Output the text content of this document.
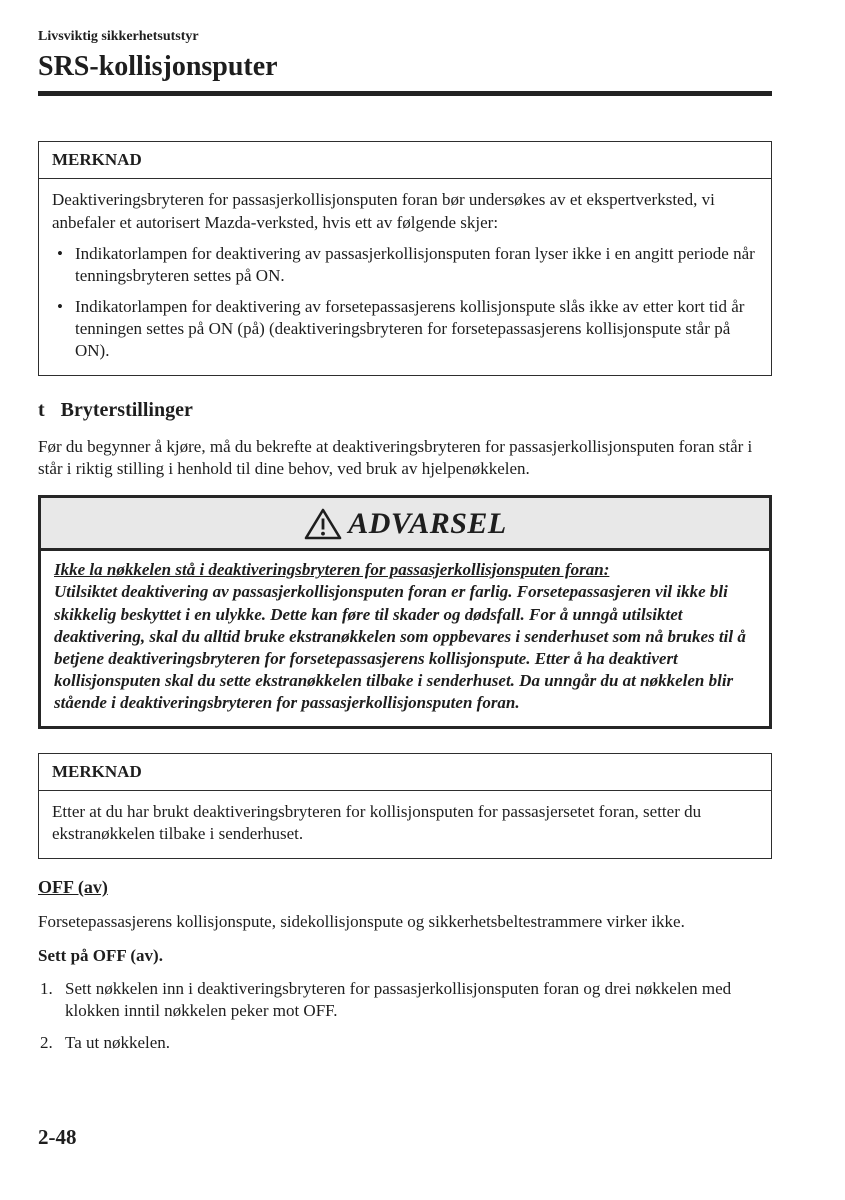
Livsviktig sikkerhetsutstyr
SRS-kollisjonsputer
MERKNAD

Deaktiveringsbryteren for passasjerkollisjonsputen foran bør undersøkes av et ekspertverksted, vi anbefaler et autorisert Mazda-verksted, hvis ett av følgende skjer:

• Indikatorlampen for deaktivering av passasjerkollisjonsputen foran lyser ikke i en angitt periode når tenningsbryteren settes på ON.
• Indikatorlampen for deaktivering av forsetepassasjerens kollisjonspute slås ikke av etter kort tid år tenningen settes på ON (på) (deaktiveringsbryteren for forsetepassasjerens kollisjonspute står på ON).
t Bryterstillinger

Før du begynner å kjøre, må du bekrefte at deaktiveringsbryteren for passasjerkollisjonsputen foran står i står i riktig stilling i henhold til dine behov, ved bruk av hjelpenøkkelen.

ADVARSEL
Ikke la nøkkelen stå i deaktiveringsbryteren for passasjerkollisjonsputen foran:
Utilsiktet deaktivering av passasjerkollisjonsputen foran er farlig. Forsetepassasjeren vil ikke bli skikkelig beskyttet i en ulykke. Dette kan føre til skader og dødsfall. For å unngå utilsiktet deaktivering, skal du alltid bruke ekstranøkkelen som oppbevares i senderhuset som nå brukes til å betjene deaktiveringsbryteren for forsetepassasjerens kollisjonspute. Etter å ha deaktivert kollisjonsputen skal du sette ekstranøkkelen tilbake i senderhuset. Da unngår du at nøkkelen blir stående i deaktiveringsbryteren for passasjerkollisjonsputen foran.
MERKNAD

Etter at du har brukt deaktiveringsbryteren for kollisjonsputen for passasjersetet foran, setter du ekstranøkkelen tilbake i senderhuset.

OFF (av)

Forsetepassasjerens kollisjonspute, sidekollisjonspute og sikkerhetsbeltestrammere virker ikke.

Sett på OFF (av).

Sett nøkkelen inn i deaktiveringsbryteren for passasjerkollisjonsputen foran og drei nøkkelen med klokken inntil nøkkelen peker mot OFF.
Ta ut nøkkelen.
2-48
